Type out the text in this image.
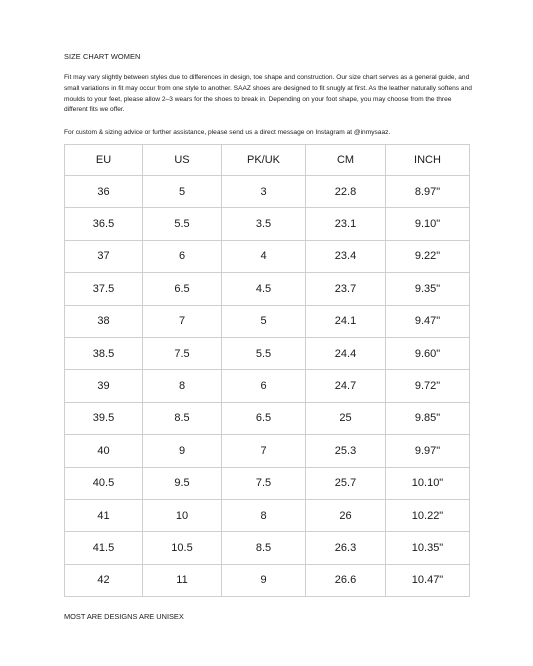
SIZE CHART WOMEN

Fit may vary slightly between styles due to differences in design, toe shape and construction. Our size chart serves as a general guide, and small variations in fit may occur from one style to another. SAAZ shoes are designed to fit snugly at first. As the leather naturally softens and moulds to your feet, please allow 2–3 wears for the shoes to break in. Depending on your foot shape, you may choose from the three different fits we offer.

For custom & sizing advice or further assistance, please send us a direct message on Instagram at @inmysaaz.

EU	US	PK/UK	CM	INCH
36	5	3	22.8	8.97"
36.5	5.5	3.5	23.1	9.10"
37	6	4	23.4	9.22"
37.5	6.5	4.5	23.7	9.35"
38	7	5	24.1	9.47"
38.5	7.5	5.5	24.4	9.60"
39	8	6	24.7	9.72"
39.5	8.5	6.5	25	9.85"
40	9	7	25.3	9.97"
40.5	9.5	7.5	25.7	10.10"
41	10	8	26	10.22"
41.5	10.5	8.5	26.3	10.35"
42	11	9	26.6	10.47"
MOST ARE DESIGNS ARE UNISEX
